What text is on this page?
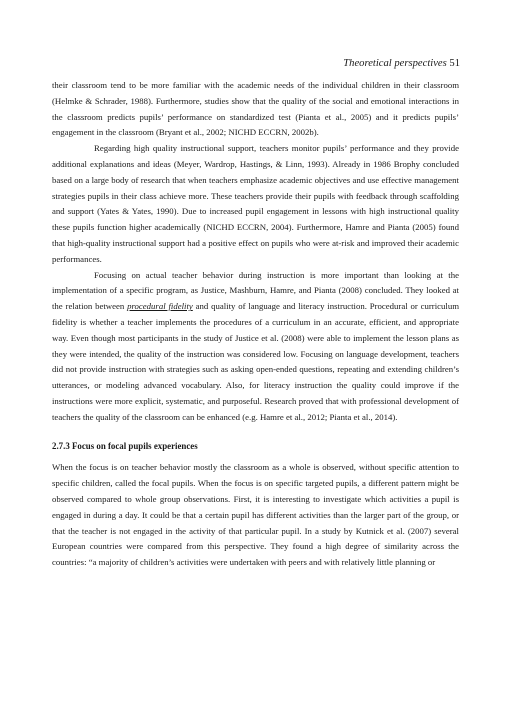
Theoretical perspectives 51

their classroom tend to be more familiar with the academic needs of the individual children in their classroom (Helmke & Schrader, 1988). Furthermore, studies show that the quality of the social and emotional interactions in the classroom predicts pupils’ performance on standardized test (Pianta et al., 2005) and it predicts pupils’ engagement in the classroom (Bryant et al., 2002; NICHD ECCRN, 2002b).

Regarding high quality instructional support, teachers monitor pupils’ performance and they provide additional explanations and ideas (Meyer, Wardrop, Hastings, & Linn, 1993). Already in 1986 Brophy concluded based on a large body of research that when teachers emphasize academic objectives and use effective management strategies pupils in their class achieve more. These teachers provide their pupils with feedback through scaffolding and support (Yates & Yates, 1990). Due to increased pupil engagement in lessons with high instructional quality these pupils function higher academically (NICHD ECCRN, 2004). Furthermore, Hamre and Pianta (2005) found that high-quality instructional support had a positive effect on pupils who were at-risk and improved their academic performances.

Focusing on actual teacher behavior during instruction is more important than looking at the implementation of a specific program, as Justice, Mashburn, Hamre, and Pianta (2008) concluded. They looked at the relation between procedural fidelity and quality of language and literacy instruction. Procedural or curriculum fidelity is whether a teacher implements the procedures of a curriculum in an accurate, efficient, and appropriate way. Even though most participants in the study of Justice et al. (2008) were able to implement the lesson plans as they were intended, the quality of the instruction was considered low. Focusing on language development, teachers did not provide instruction with strategies such as asking open-ended questions, repeating and extending children’s utterances, or modeling advanced vocabulary. Also, for literacy instruction the quality could improve if the instructions were more explicit, systematic, and purposeful. Research proved that with professional development of teachers the quality of the classroom can be enhanced (e.g. Hamre et al., 2012; Pianta et al., 2014).

2.7.3 Focus on focal pupils experiences

When the focus is on teacher behavior mostly the classroom as a whole is observed, without specific attention to specific children, called the focal pupils. When the focus is on specific targeted pupils, a different pattern might be observed compared to whole group observations. First, it is interesting to investigate which activities a pupil is engaged in during a day. It could be that a certain pupil has different activities than the larger part of the group, or that the teacher is not engaged in the activity of that particular pupil. In a study by Kutnick et al. (2007) several European countries were compared from this perspective. They found a high degree of similarity across the countries: “a majority of children’s activities were undertaken with peers and with relatively little planning or
